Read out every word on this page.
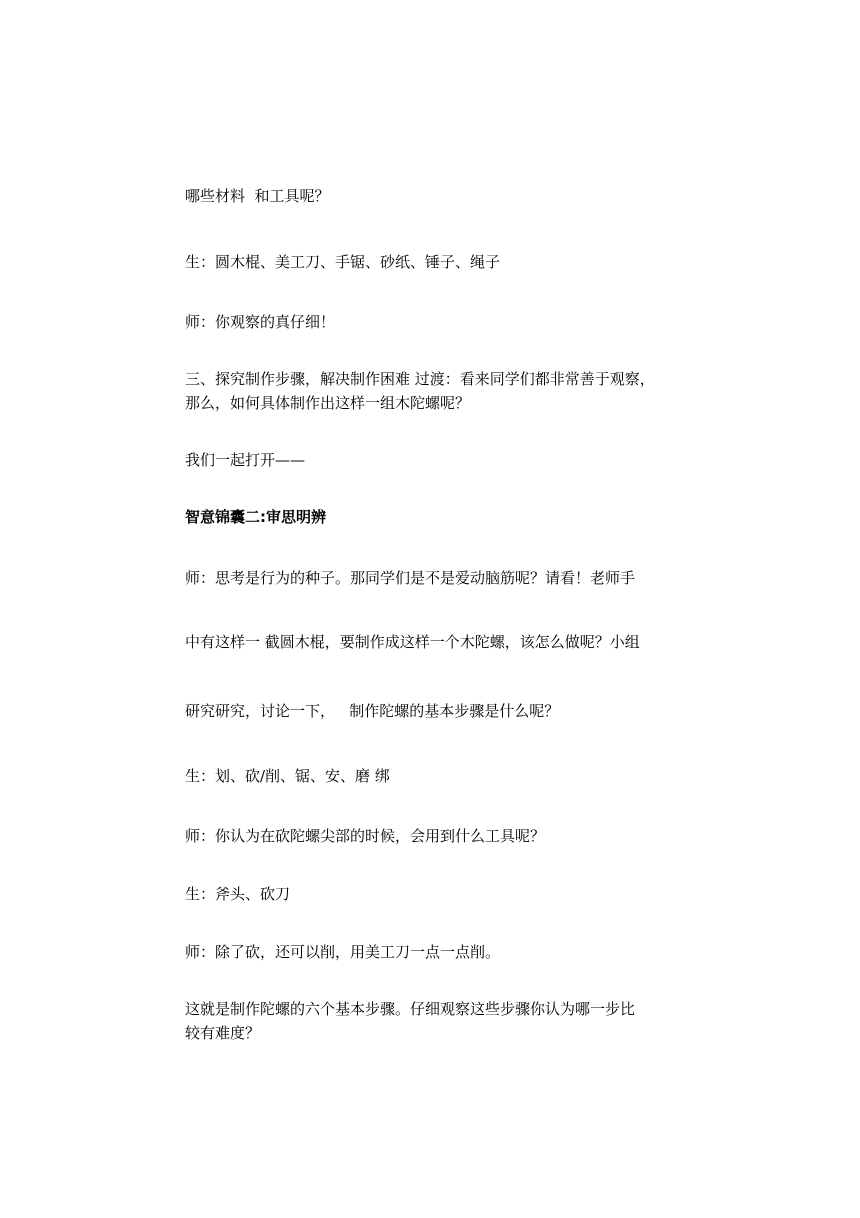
哪些材料  和工具呢？
生：圆木棍、美工刀、手锯、砂纸、锤子、绳子
师：你观察的真仔细！
三、探究制作步骤，解决制作困难 过渡：看来同学们都非常善于观察，
那么，如何具体制作出这样一组木陀螺呢？
我们一起打开——
智意锦囊二:审思明辨
师：思考是行为的种子。那同学们是不是爱动脑筋呢？请看！老师手
中有这样一 截圆木棍，要制作成这样一个木陀螺，该怎么做呢？小组
研究研究，讨论一下，   制作陀螺的基本步骤是什么呢？
生：划、砍/削、锯、安、磨 绑
师：你认为在砍陀螺尖部的时候，会用到什么工具呢？
生：斧头、砍刀
师：除了砍，还可以削，用美工刀一点一点削。
这就是制作陀螺的六个基本步骤。仔细观察这些步骤你认为哪一步比
较有难度？
